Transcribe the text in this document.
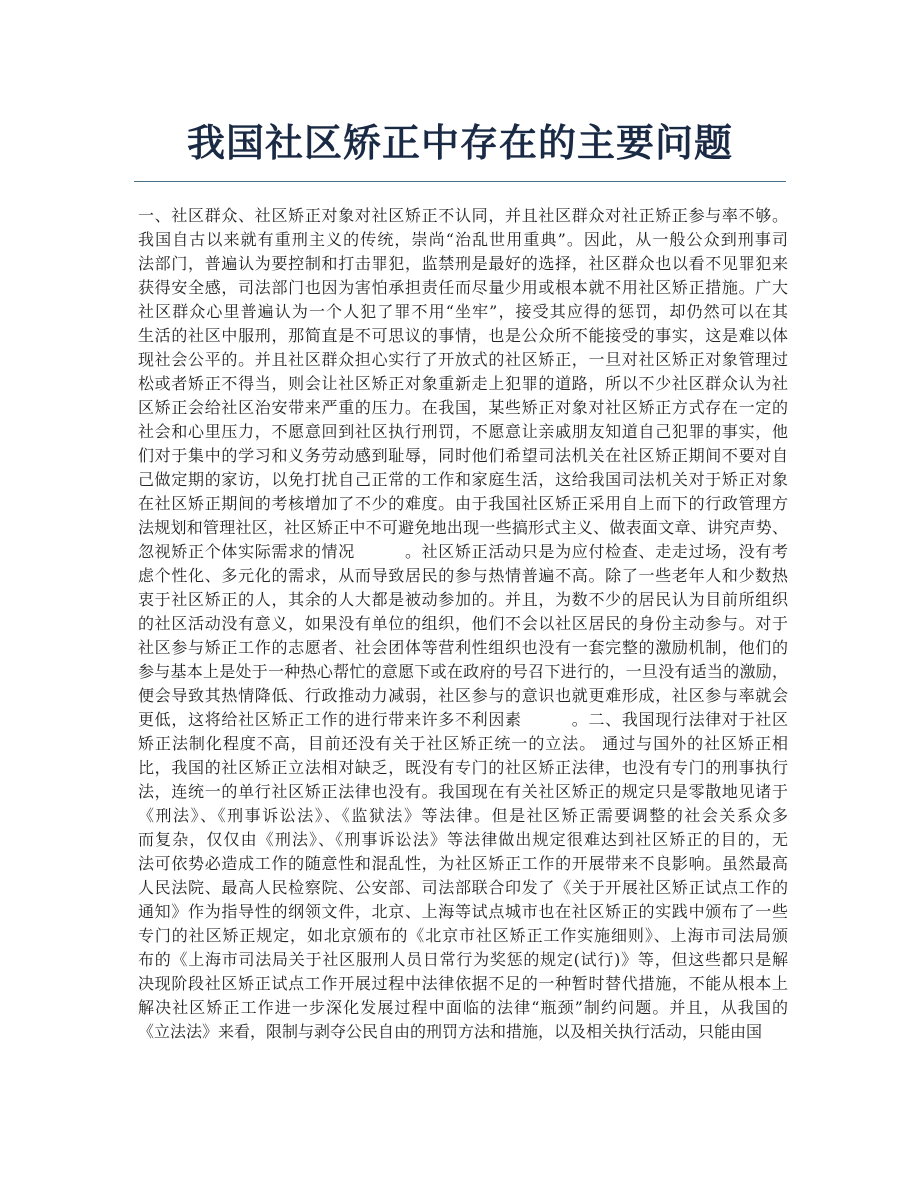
我国社区矫正中存在的主要问题
一、社区群众、社区矫正对象对社区矫正不认同，并且社区群众对社正矫正参与率不够。
我国自古以来就有重刑主义的传统，崇尚“治乱世用重典”。因此，从一般公众到刑事司
法部门，普遍认为要控制和打击罪犯，监禁刑是最好的选择，社区群众也以看不见罪犯来
获得安全感，司法部门也因为害怕承担责任而尽量少用或根本就不用社区矫正措施。广大
社区群众心里普遍认为一个人犯了罪不用“坐牢”，接受其应得的惩罚，却仍然可以在其
生活的社区中服刑，那简直是不可思议的事情，也是公众所不能接受的事实，这是难以体
现社会公平的。并且社区群众担心实行了开放式的社区矫正，一旦对社区矫正对象管理过
松或者矫正不得当，则会让社区矫正对象重新走上犯罪的道路，所以不少社区群众认为社
区矫正会给社区治安带来严重的压力。在我国，某些矫正对象对社区矫正方式存在一定的
社会和心里压力，不愿意回到社区执行刑罚，不愿意让亲戚朋友知道自己犯罪的事实，他
们对于集中的学习和义务劳动感到耻辱，同时他们希望司法机关在社区矫正期间不要对自
己做定期的家访，以免打扰自己正常的工作和家庭生活，这给我国司法机关对于矫正对象
在社区矫正期间的考核增加了不少的难度。由于我国社区矫正采用自上而下的行政管理方
法规划和管理社区，社区矫正中不可避免地出现一些搞形式主义、做表面文章、讲究声势、
忽视矫正个体实际需求的情况　　　。社区矫正活动只是为应付检查、走走过场，没有考
虑个性化、多元化的需求，从而导致居民的参与热情普遍不高。除了一些老年人和少数热
衷于社区矫正的人，其余的人大都是被动参加的。并且，为数不少的居民认为目前所组织
的社区活动没有意义，如果没有单位的组织，他们不会以社区居民的身份主动参与。对于
社区参与矫正工作的志愿者、社会团体等营利性组织也没有一套完整的激励机制，他们的
参与基本上是处于一种热心帮忙的意愿下或在政府的号召下进行的，一旦没有适当的激励，
便会导致其热情降低、行政推动力减弱，社区参与的意识也就更难形成，社区参与率就会
更低，这将给社区矫正工作的进行带来许多不利因素　　　。二、我国现行法律对于社区
矫正法制化程度不高，目前还没有关于社区矫正统一的立法。 通过与国外的社区矫正相
比，我国的社区矫正立法相对缺乏，既没有专门的社区矫正法律，也没有专门的刑事执行
法，连统一的单行社区矫正法律也没有。我国现在有关社区矫正的规定只是零散地见诸于
《刑法》、《刑事诉讼法》、《监狱法》等法律。但是社区矫正需要调整的社会关系众多
而复杂，仅仅由《刑法》、《刑事诉讼法》等法律做出规定很难达到社区矫正的目的，无
法可依势必造成工作的随意性和混乱性，为社区矫正工作的开展带来不良影响。虽然最高
人民法院、最高人民检察院、公安部、司法部联合印发了《关于开展社区矫正试点工作的
通知》作为指导性的纲领文件，北京、上海等试点城市也在社区矫正的实践中颁布了一些
专门的社区矫正规定，如北京颁布的《北京市社区矫正工作实施细则》、上海市司法局颁
布的《上海市司法局关于社区服刑人员日常行为奖惩的规定(试行)》等，但这些都只是解
决现阶段社区矫正试点工作开展过程中法律依据不足的一种暂时替代措施，不能从根本上
解决社区矫正工作进一步深化发展过程中面临的法律“瓶颈”制约问题。并且，从我国的
《立法法》来看，限制与剥夺公民自由的刑罚方法和措施，以及相关执行活动，只能由国
